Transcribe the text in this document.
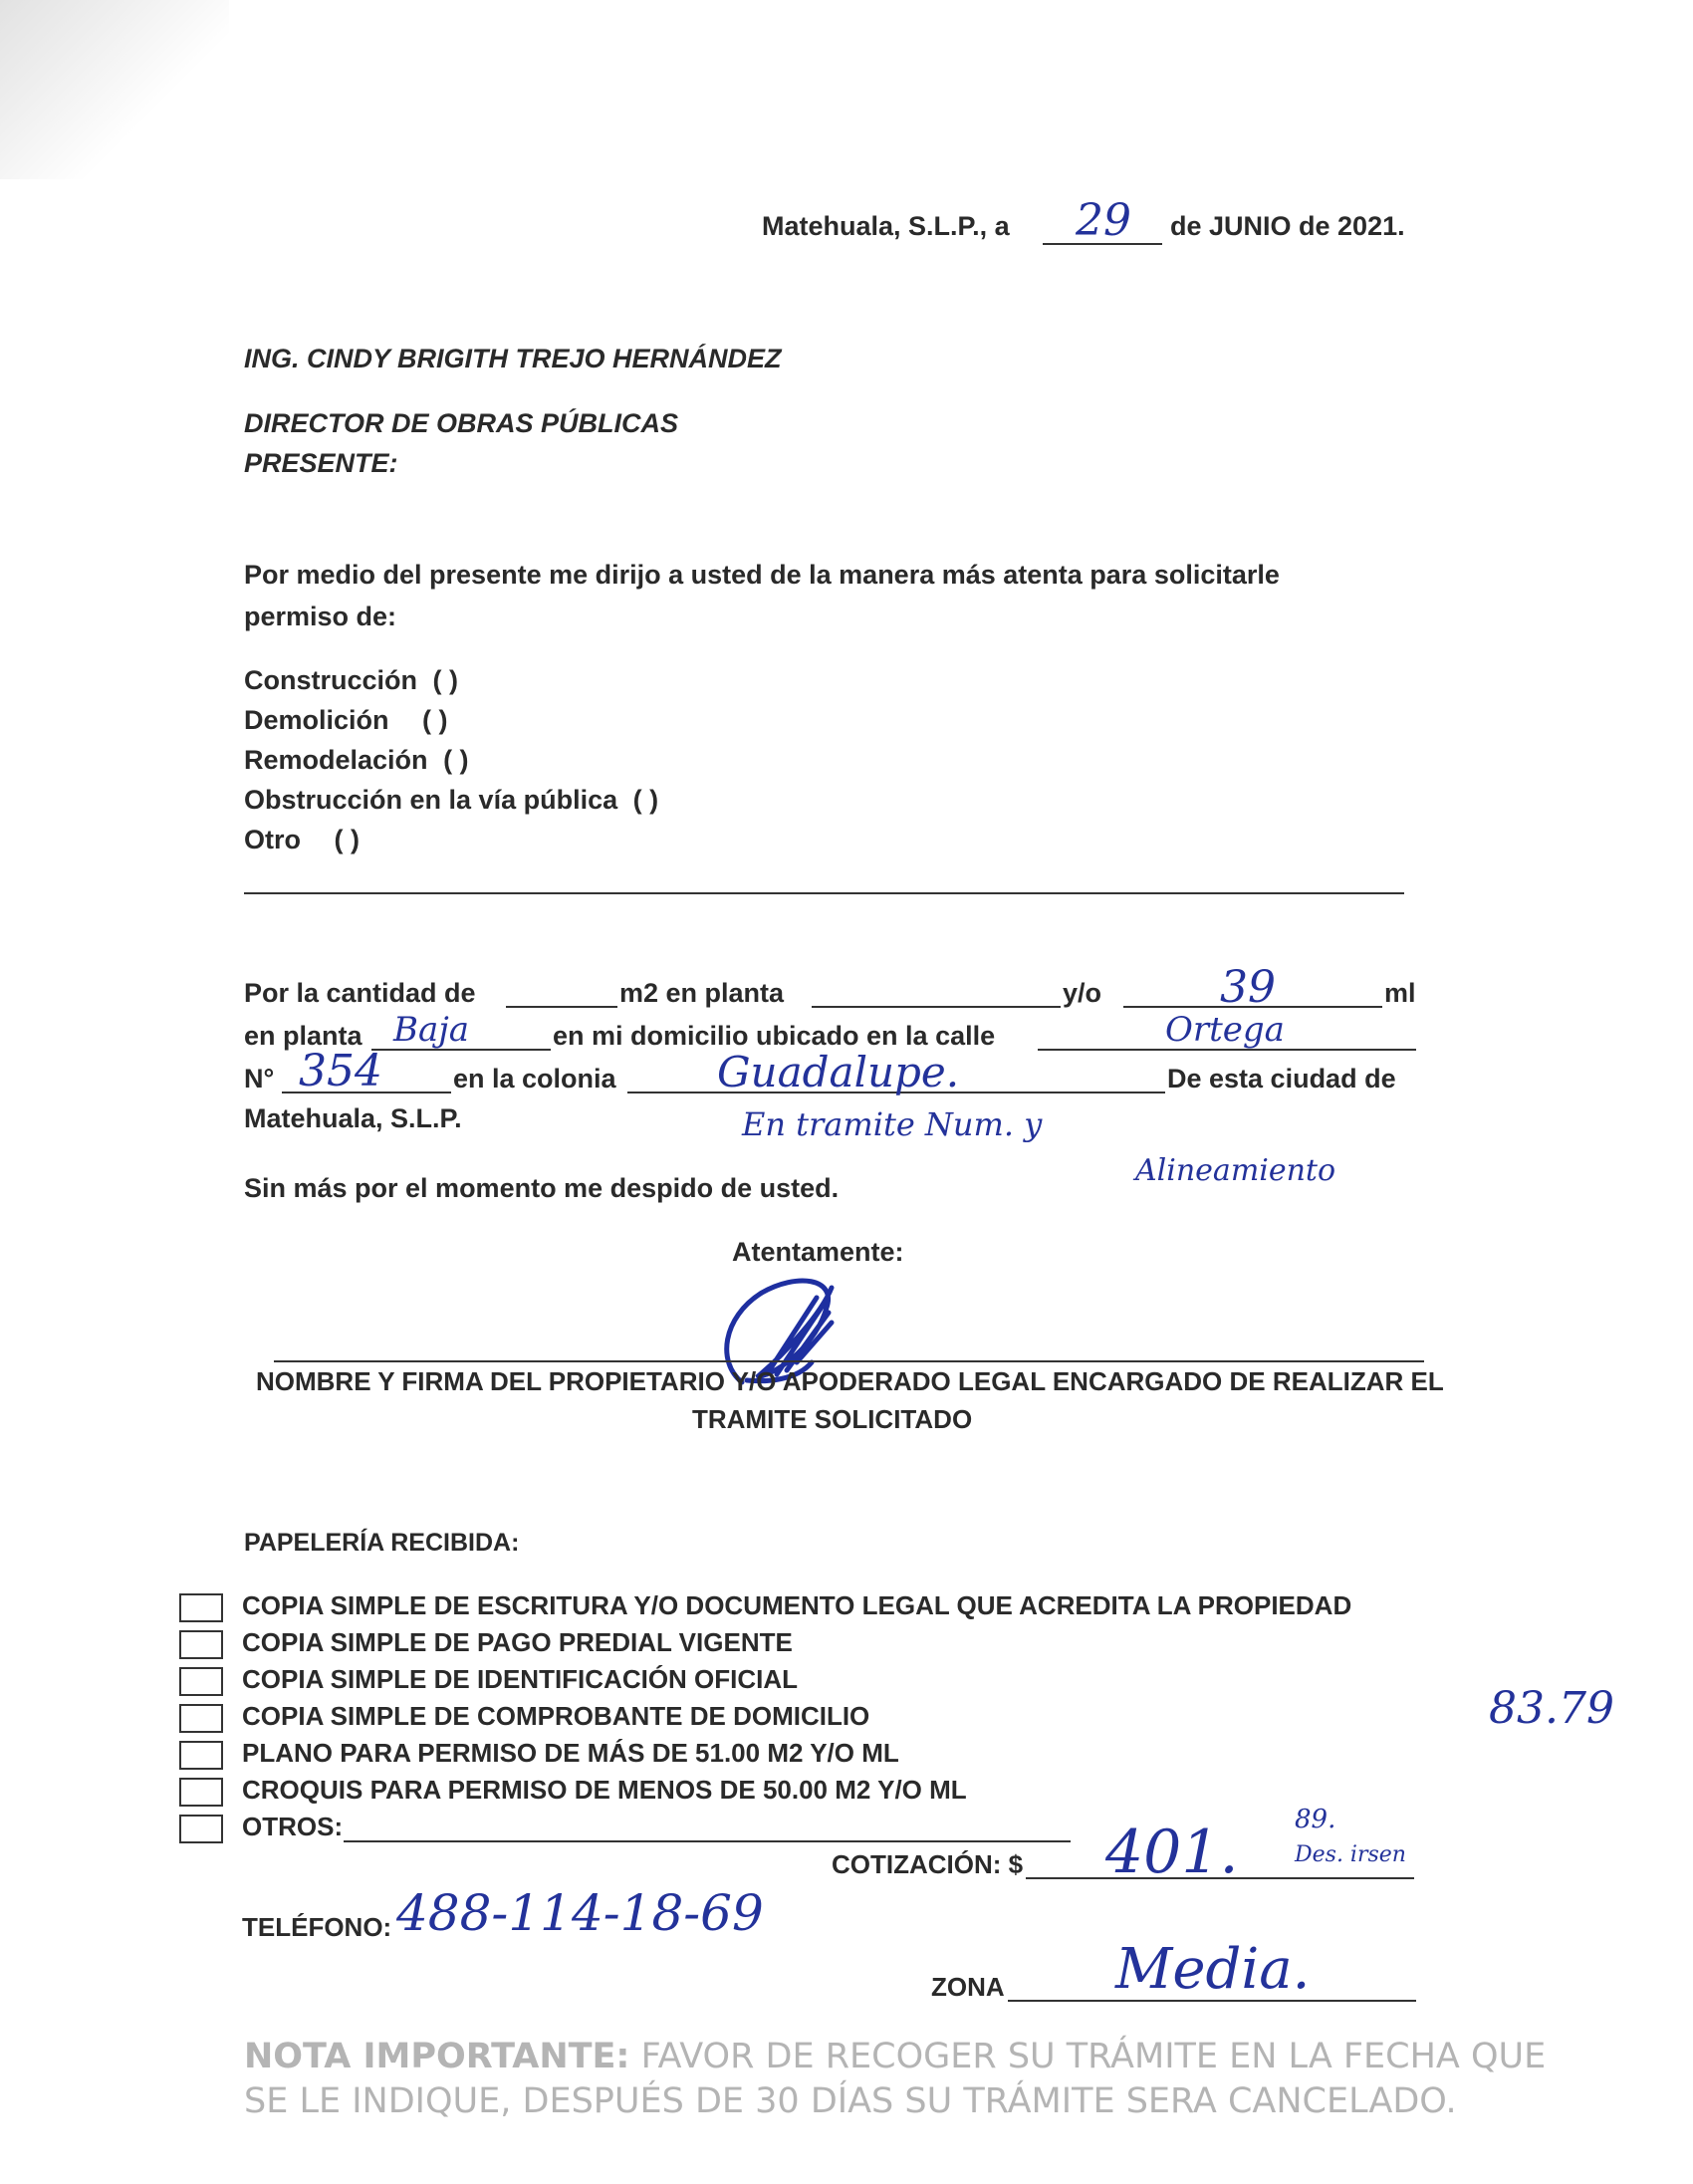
Matehuala, S.L.P., a 29 de JUNIO de 2021.
ING. CINDY BRIGITH TREJO HERNÁNDEZ
DIRECTOR DE OBRAS PÚBLICAS
PRESENTE:
Por medio del presente me dirijo a usted de la manera más atenta para solicitarle
permiso de:
Construcción ( )
Demolición ( )
Remodelación ( )
Obstrucción en la vía pública ( )
Otro ( )
Por la cantidad de	m2 en planta	y/o	39	ml
en planta Baja	en mi domicilio ubicado en la calle	Ortega
N° 354	en la colonia Guadalupe.	De esta ciudad de
Matehuala, S.L.P.	En tramite Num. y
Alineamiento
Sin más por el momento me despido de usted.
Atentamente:
NOMBRE Y FIRMA DEL PROPIETARIO Y/O APODERADO LEGAL ENCARGADO DE REALIZAR EL
TRAMITE SOLICITADO
PAPELERÍA RECIBIDA:
COPIA SIMPLE DE ESCRITURA Y/O DOCUMENTO LEGAL QUE ACREDITA LA PROPIEDAD
COPIA SIMPLE DE PAGO PREDIAL VIGENTE
COPIA SIMPLE DE IDENTIFICACIÓN OFICIAL
COPIA SIMPLE DE COMPROBANTE DE DOMICILIO
PLANO PARA PERMISO DE MÁS DE 51.00 M2 Y/O ML
CROQUIS PARA PERMISO DE MENOS DE 50.00 M2 Y/O ML
OTROS:
83.79
COTIZACIÓN: $ 401. 89.
Des. irsen
TELÉFONO: 488-114-18-69
ZONA Media.
NOTA IMPORTANTE: FAVOR DE RECOGER SU TRÁMITE EN LA FECHA QUE
SE LE INDIQUE, DESPUÉS DE 30 DÍAS SU TRÁMITE SERA CANCELADO.
